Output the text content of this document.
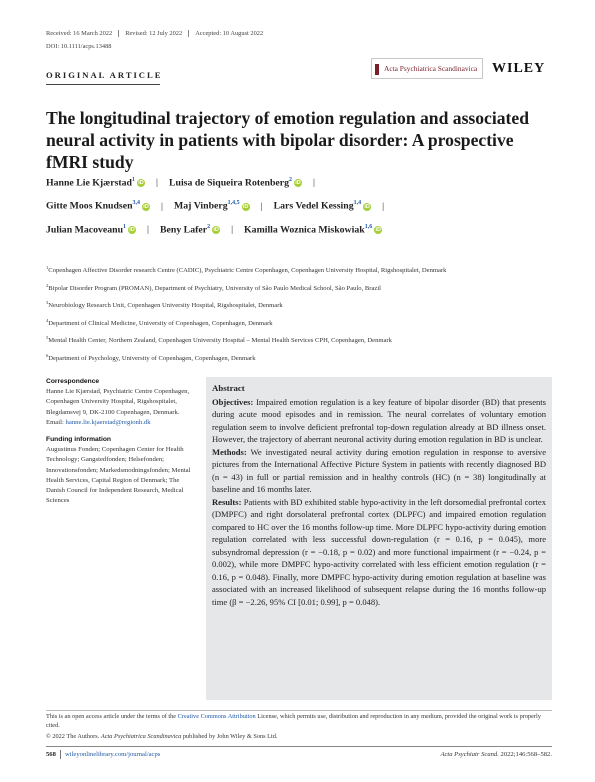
Received: 16 March 2022 Revised: 12 July 2022 Accepted: 10 August 2022
DOI: 10.1111/acps.13488
ORIGINAL ARTICLE
Acta Psychiatrica Scandinavica WILEY
The longitudinal trajectory of emotion regulation and associated neural activity in patients with bipolar disorder: A prospective fMRI study
Hanne Lie Kjærstad$^1$iD | Luisa de Siqueira Rotenberg$^2$iD |
Gitte Moos Knudsen$^{3,4}$iD | Maj Vinberg$^{1,4,5}$iD | Lars Vedel Kessing$^{1,4}$iD |
Julian Macoveanu$^1$iD | Beny Lafer$^2$iD | Kamilla Woznica Miskowiak$^{1,6}$iD
$^1$Copenhagen Affective Disorder research Centre (CADIC), Psychiatric Centre Copenhagen, Copenhagen University Hospital, Rigshospitalet, Denmark
$^2$Bipolar Disorder Program (PROMAN), Department of Psychiatry, University of São Paulo Medical School, São Paulo, Brazil
$^3$Neurobiology Research Unit, Copenhagen University Hospital, Rigshospitalet, Denmark
$^4$Department of Clinical Medicine, University of Copenhagen, Copenhagen, Denmark
$^5$Mental Health Center, Northern Zealand, Copenhagen University Hospital – Mental Health Services CPH, Copenhagen, Denmark
$^6$Department of Psychology, University of Copenhagen, Copenhagen, Denmark
Correspondence
Hanne Lie Kjærstad, Psychiatric Centre Copenhagen, Copenhagen University Hospital, Rigshospitalet, Blegdamsvej 9, DK-2100 Copenhagen, Denmark.
Email: hanne.lie.kjaerstad@regionh.dk
Funding information
Augustinus Fonden; Copenhagen Center for Health Technology; Gangstedfonden; Helsefonden; Innovationsfonden; Markedsmodningsfonden; Mental Health Services, Capital Region of Denmark; The Danish Council for Independent Research, Medical Sciences
Abstract

Objectives: Impaired emotion regulation is a key feature of bipolar disorder (BD) that presents during acute mood episodes and in remission. The neural correlates of voluntary emotion regulation seem to involve deficient prefrontal top-down regulation already at BD illness onset. However, the trajectory of aberrant neuronal activity during emotion regulation in BD is unclear.

Methods: We investigated neural activity during emotion regulation in response to aversive pictures from the International Affective Picture System in patients with recently diagnosed BD (n = 43) in full or partial remission and in healthy controls (HC) (n = 38) longitudinally at baseline and 16 months later.

Results: Patients with BD exhibited stable hypo-activity in the left dorsomedial prefrontal cortex (DMPFC) and right dorsolateral prefrontal cortex (DLPFC) and impaired emotion regulation compared to HC over the 16 months follow-up time. More DLPFC hypo-activity during emotion regulation correlated with less successful down-regulation (r = 0.16, p = 0.045), more subsyndromal depression (r = −0.18, p = 0.02) and more functional impairment (r = −0.24, p = 0.002), while more DMPFC hypo-activity correlated with less efficient emotion regulation (r = 0.16, p = 0.048). Finally, more DMPFC hypo-activity during emotion regulation at baseline was associated with an increased likelihood of subsequent relapse during the 16 months follow-up time (β = −2.26, 95% CI [0.01; 0.99], p = 0.048).

This is an open access article under the terms of the Creative Commons Attribution License, which permits use, distribution and reproduction in any medium, provided the original work is properly cited.
© 2022 The Authors. Acta Psychiatrica Scandinavica published by John Wiley & Sons Ltd.
568 wileyonlinelibrary.com/journal/acps	Acta Psychiatr Scand. 2022;146:568–582.
